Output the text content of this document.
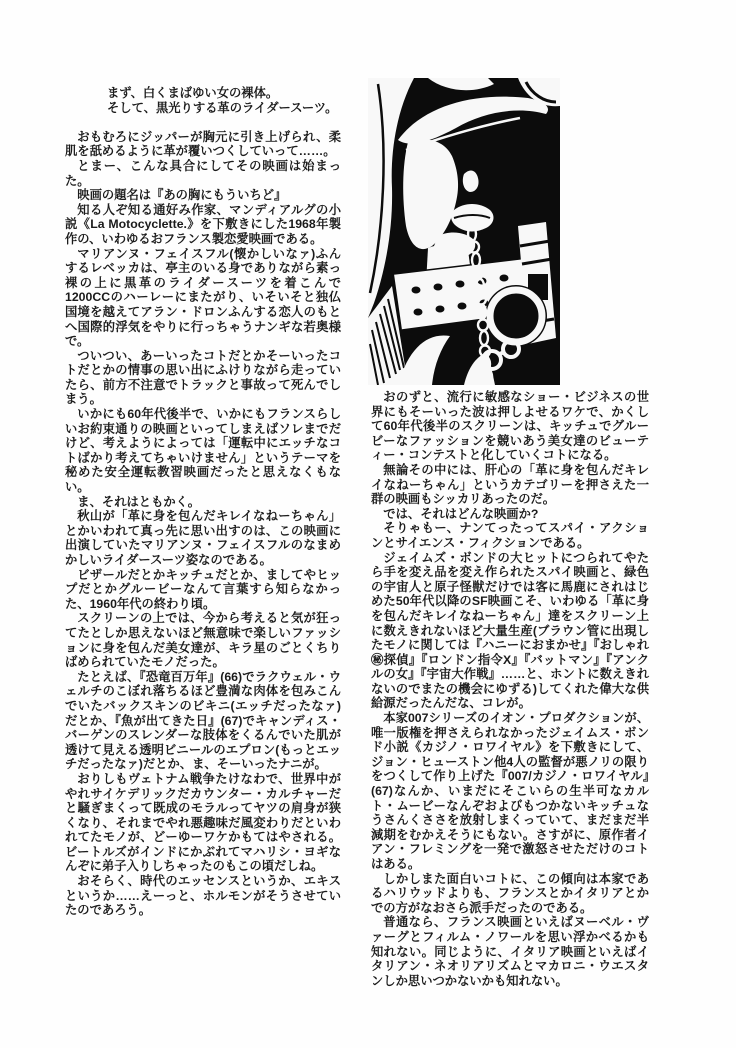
まず、白くまばゆい女の裸体。

そして、黒光りする革のライダースーツ。

おもむろにジッパーが胸元に引き上げられ、柔肌を舐めるように革が覆いつくしていって……。

とまー、こんな具合にしてその映画は始まった。

映画の題名は『あの胸にもういちど』

知る人ぞ知る通好み作家、マンディアルグの小説《La Motocyclette.》を下敷きにした1968年製作の、いわゆるおフランス製恋愛映画である。

マリアンヌ・フェイスフル(懐かしいなァ)ふんするレベッカは、亭主のいる身でありながら素っ裸の上に黒革のライダースーツを着こんで1200CCのハーレーにまたがり、いそいそと独仏国境を越えてアラン・ドロンふんする恋人のもとへ国際的浮気をやりに行っちゃうナンギな若奥様で。

ついつい、あーいったコトだとかそーいったコトだとかの情事の思い出にふけりながら走っていたら、前方不注意でトラックと事故って死んでしまう。

いかにも60年代後半で、いかにもフランスらしいお約束通りの映画といってしまえばソレまでだけど、考えようによっては「運転中にエッチなコトばかり考えてちゃいけません」というテーマを秘めた安全運転教習映画だったと思えなくもない。

ま、それはともかく。

秋山が「革に身を包んだキレイなねーちゃん」とかいわれて真っ先に思い出すのは、この映画に出演していたマリアンヌ・フェイスフルのなまめかしいライダースーツ姿なのである。

ビザールだとかキッチュだとか、ましてやヒップだとかグルービーなんて言葉すら知らなかった、1960年代の終わり頃。

スクリーンの上では、今から考えると気が狂ってたとしか思えないほど無意味で楽しいファッションに身を包んだ美女達が、キラ星のごとくちりばめられていたモノだった。

たとえば、『恐竜百万年』(66)でラクウェル・ウェルチのこぼれ落ちるほど豊満な肉体を包みこんでいたバックスキンのビキニ(エッチだったなァ)だとか、『魚が出てきた日』(67)でキャンディス・バーゲンのスレンダーな肢体をくるんでいた肌が透けて見える透明ビニールのエプロン(もっとエッチだったなァ)だとか、ま、そーいったナニが。

おりしもヴェトナム戦争たけなわで、世界中がやれサイケデリックだカウンター・カルチャーだと騒ぎまくって既成のモラルってヤツの肩身が狭くなり、それまでやれ悪趣味だ風変わりだといわれてたモノが、どーゆーワケかもてはやされる。ビートルズがインドにかぶれてマハリシ・ヨギなんぞに弟子入りしちゃったのもこの頃だしね。

おそらく、時代のエッセンスというか、エキスというか……えーっと、ホルモンがそうさせていたのであろう。

おのずと、流行に敏感なショー・ビジネスの世界にもそーいった波は押しよせるワケで、かくして60年代後半のスクリーンは、キッチュでグルービーなファッションを競いあう美女達のビューティー・コンテストと化していくコトになる。

無論その中には、肝心の「革に身を包んだキレイなねーちゃん」というカテゴリーを押さえた一群の映画もシッカリあったのだ。

では、それはどんな映画か?

そりゃもー、ナンてったってスパイ・アクションとサイエンス・フィクションである。

ジェイムズ・ボンドの大ヒットにつられてやたら手を変え品を変え作られたスパイ映画と、緑色の宇宙人と原子怪獣だけでは客に馬鹿にされはじめた50年代以降のSF映画こそ、いわゆる「革に身を包んだキレイなねーちゃん」達をスクリーン上に数えきれないほど大量生産(ブラウン管に出現したモノに関しては『ハニーにおまかせ』『おしゃれ㊙探偵』『ロンドン指令X』『バットマン』『アンクルの女』『宇宙大作戦』……と、ホントに数えきれないのでまたの機会にゆずる)してくれた偉大な供給源だったんだな、コレが。

本家007シリーズのイオン・プロダクションが、唯一版権を押さえられなかったジェイムス・ボンド小説《カジノ・ロワイヤル》を下敷きにして、ジョン・ヒューストン他4人の監督が悪ノリの限りをつくして作り上げた『007/カジノ・ロワイヤル』(67)なんか、いまだにそこいらの生半可なカルト・ムービーなんぞおよびもつかないキッチュなうさんくささを放射しまくっていて、まだまだ半減期をむかえそうにもない。さすがに、原作者イアン・フレミングを一発で激怒させただけのコトはある。

しかしまた面白いコトに、この傾向は本家であるハリウッドよりも、フランスとかイタリアとかでの方がなおさら派手だったのである。

普通なら、フランス映画といえばヌーベル・ヴァーグとフィルム・ノワールを思い浮かべるかも知れない。同じように、イタリア映画といえばイタリアン・ネオリアリズムとマカロニ・ウエスタンしか思いつかないかも知れない。
